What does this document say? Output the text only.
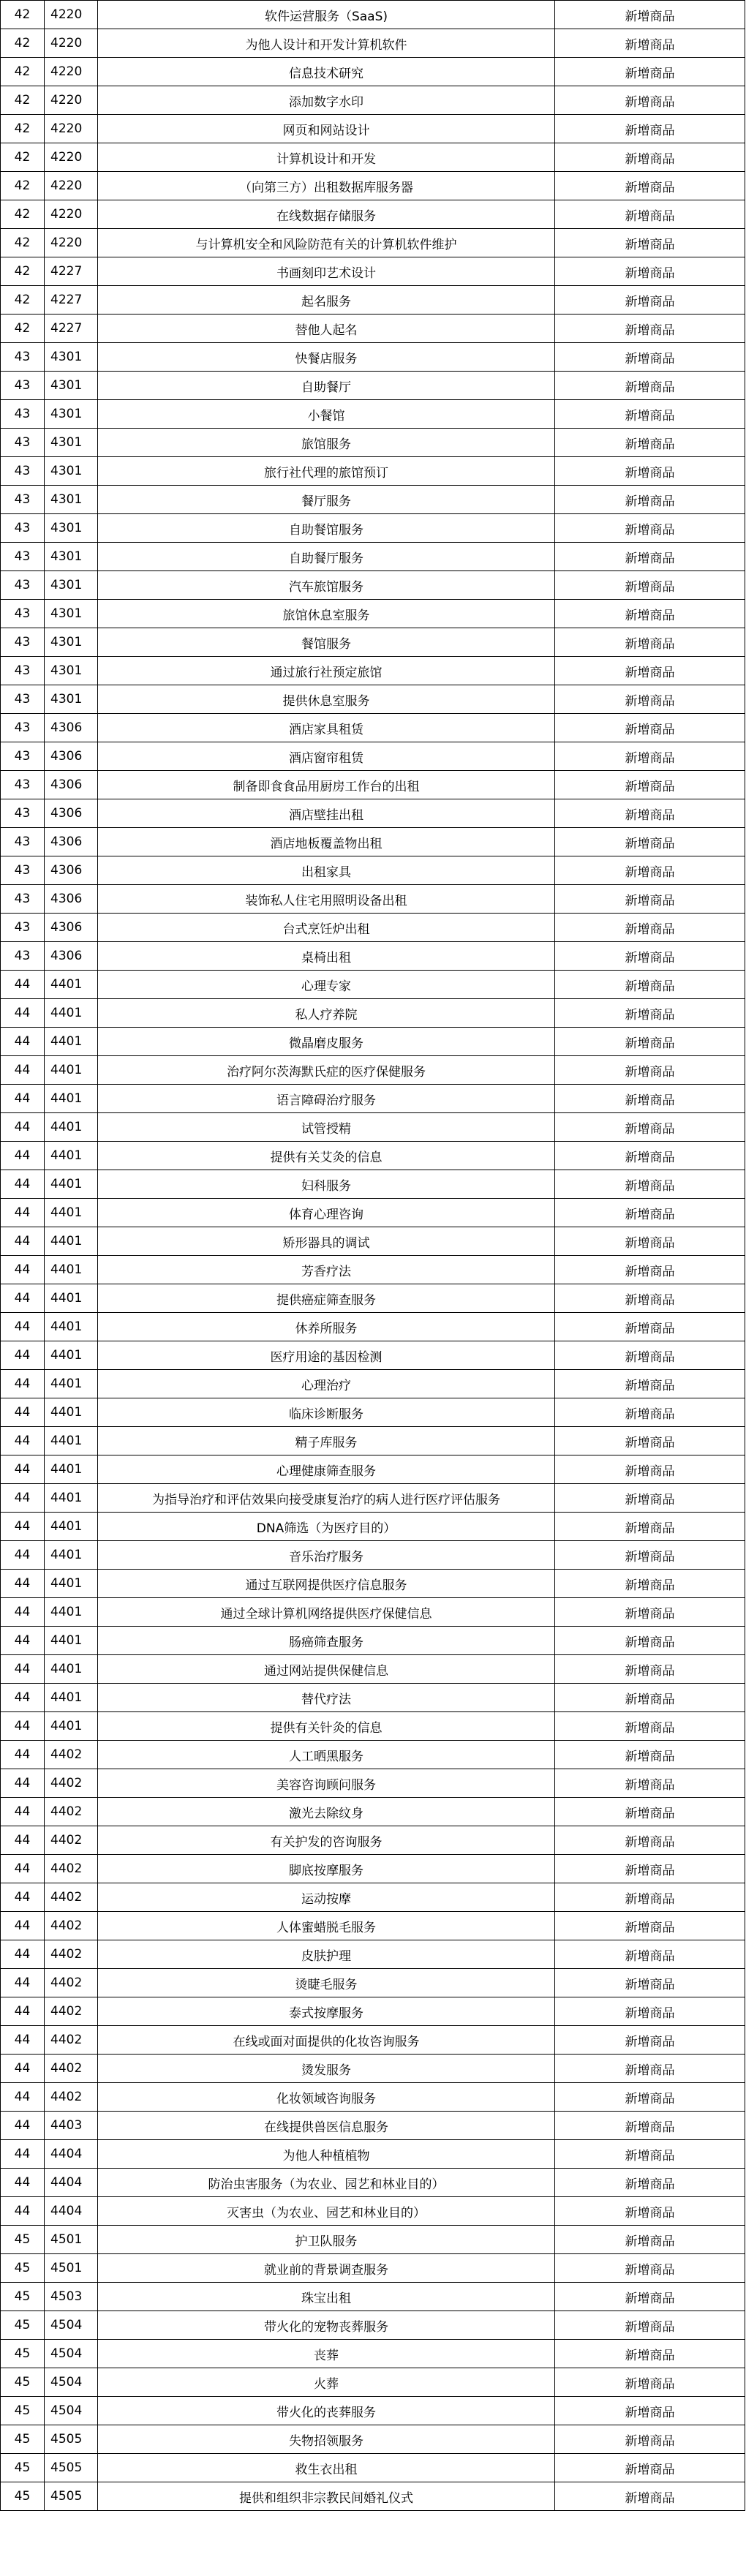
42	4220	软件运营服务（SaaS)	新增商品
42	4220	为他人设计和开发计算机软件	新增商品
42	4220	信息技术研究	新增商品
42	4220	添加数字水印	新增商品
42	4220	网页和网站设计	新增商品
42	4220	计算机设计和开发	新增商品
42	4220	（向第三方）出租数据库服务器	新增商品
42	4220	在线数据存储服务	新增商品
42	4220	与计算机安全和风险防范有关的计算机软件维护	新增商品
42	4227	书画刻印艺术设计	新增商品
42	4227	起名服务	新增商品
42	4227	替他人起名	新增商品
43	4301	快餐店服务	新增商品
43	4301	自助餐厅	新增商品
43	4301	小餐馆	新增商品
43	4301	旅馆服务	新增商品
43	4301	旅行社代理的旅馆预订	新增商品
43	4301	餐厅服务	新增商品
43	4301	自助餐馆服务	新增商品
43	4301	自助餐厅服务	新增商品
43	4301	汽车旅馆服务	新增商品
43	4301	旅馆休息室服务	新增商品
43	4301	餐馆服务	新增商品
43	4301	通过旅行社预定旅馆	新增商品
43	4301	提供休息室服务	新增商品
43	4306	酒店家具租赁	新增商品
43	4306	酒店窗帘租赁	新增商品
43	4306	制备即食食品用厨房工作台的出租	新增商品
43	4306	酒店壁挂出租	新增商品
43	4306	酒店地板覆盖物出租	新增商品
43	4306	出租家具	新增商品
43	4306	装饰私人住宅用照明设备出租	新增商品
43	4306	台式烹饪炉出租	新增商品
43	4306	桌椅出租	新增商品
44	4401	心理专家	新增商品
44	4401	私人疗养院	新增商品
44	4401	微晶磨皮服务	新增商品
44	4401	治疗阿尔茨海默氏症的医疗保健服务	新增商品
44	4401	语言障碍治疗服务	新增商品
44	4401	试管授精	新增商品
44	4401	提供有关艾灸的信息	新增商品
44	4401	妇科服务	新增商品
44	4401	体育心理咨询	新增商品
44	4401	矫形器具的调试	新增商品
44	4401	芳香疗法	新增商品
44	4401	提供癌症筛查服务	新增商品
44	4401	休养所服务	新增商品
44	4401	医疗用途的基因检测	新增商品
44	4401	心理治疗	新增商品
44	4401	临床诊断服务	新增商品
44	4401	精子库服务	新增商品
44	4401	心理健康筛查服务	新增商品
44	4401	为指导治疗和评估效果向接受康复治疗的病人进行医疗评估服务	新增商品
44	4401	DNA筛选（为医疗目的）	新增商品
44	4401	音乐治疗服务	新增商品
44	4401	通过互联网提供医疗信息服务	新增商品
44	4401	通过全球计算机网络提供医疗保健信息	新增商品
44	4401	肠癌筛查服务	新增商品
44	4401	通过网站提供保健信息	新增商品
44	4401	替代疗法	新增商品
44	4401	提供有关针灸的信息	新增商品
44	4402	人工晒黑服务	新增商品
44	4402	美容咨询顾问服务	新增商品
44	4402	激光去除纹身	新增商品
44	4402	有关护发的咨询服务	新增商品
44	4402	脚底按摩服务	新增商品
44	4402	运动按摩	新增商品
44	4402	人体蜜蜡脱毛服务	新增商品
44	4402	皮肤护理	新增商品
44	4402	烫睫毛服务	新增商品
44	4402	泰式按摩服务	新增商品
44	4402	在线或面对面提供的化妆咨询服务	新增商品
44	4402	烫发服务	新增商品
44	4402	化妆领域咨询服务	新增商品
44	4403	在线提供兽医信息服务	新增商品
44	4404	为他人种植植物	新增商品
44	4404	防治虫害服务（为农业、园艺和林业目的）	新增商品
44	4404	灭害虫（为农业、园艺和林业目的）	新增商品
45	4501	护卫队服务	新增商品
45	4501	就业前的背景调查服务	新增商品
45	4503	珠宝出租	新增商品
45	4504	带火化的宠物丧葬服务	新增商品
45	4504	丧葬	新增商品
45	4504	火葬	新增商品
45	4504	带火化的丧葬服务	新增商品
45	4505	失物招领服务	新增商品
45	4505	救生衣出租	新增商品
45	4505	提供和组织非宗教民间婚礼仪式	新增商品
